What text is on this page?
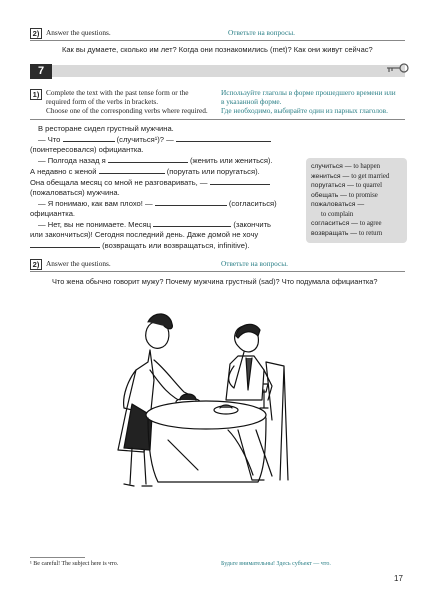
2) Answer the questions.	Ответьте на вопросы.
Как вы думаете, сколько им лет? Когда они познакомились (met)? Как они живут сейчас?
7
1) Complete the text with the past tense form or the
required form of the verbs in brackets.
Choose one of the corresponding verbs where required.
Используйте глаголы в форме прошедшего времени или
в указанной форме.
Где необходимо, выбирайте один из парных глаголов.
В ресторане сидел грустный мужчина.
— Что	(случиться¹)? —
(поинтересовался) официантка.
— Полгода назад я	(женить или жениться).
А недавно с женой	(поругать или поругаться).
Она обещала месяц со мной не разговаривать, —
(пожаловаться) мужчина.
— Я понимаю, как вам плохо! —	(согласиться)
официантка.
— Нет, вы не понимаете. Месяц	(закончить
или закончиться)! Сегодня последний день. Даже домой не хочу
(возвращать или возвращаться, infinitive).
случиться — to happen
жениться — to get married
поругаться — to quarrel
обещать — to promise
пожаловаться —
to complain
согласиться — to agree
возвращать — to return
2) Answer the questions.	Ответьте на вопросы.
Что жена обычно говорит мужу? Почему мужчина грустный (sad)? Что подумала официантка?
¹ Be careful! The subject here is что.	Будьте внимательны! Здесь субъект — что.
17
